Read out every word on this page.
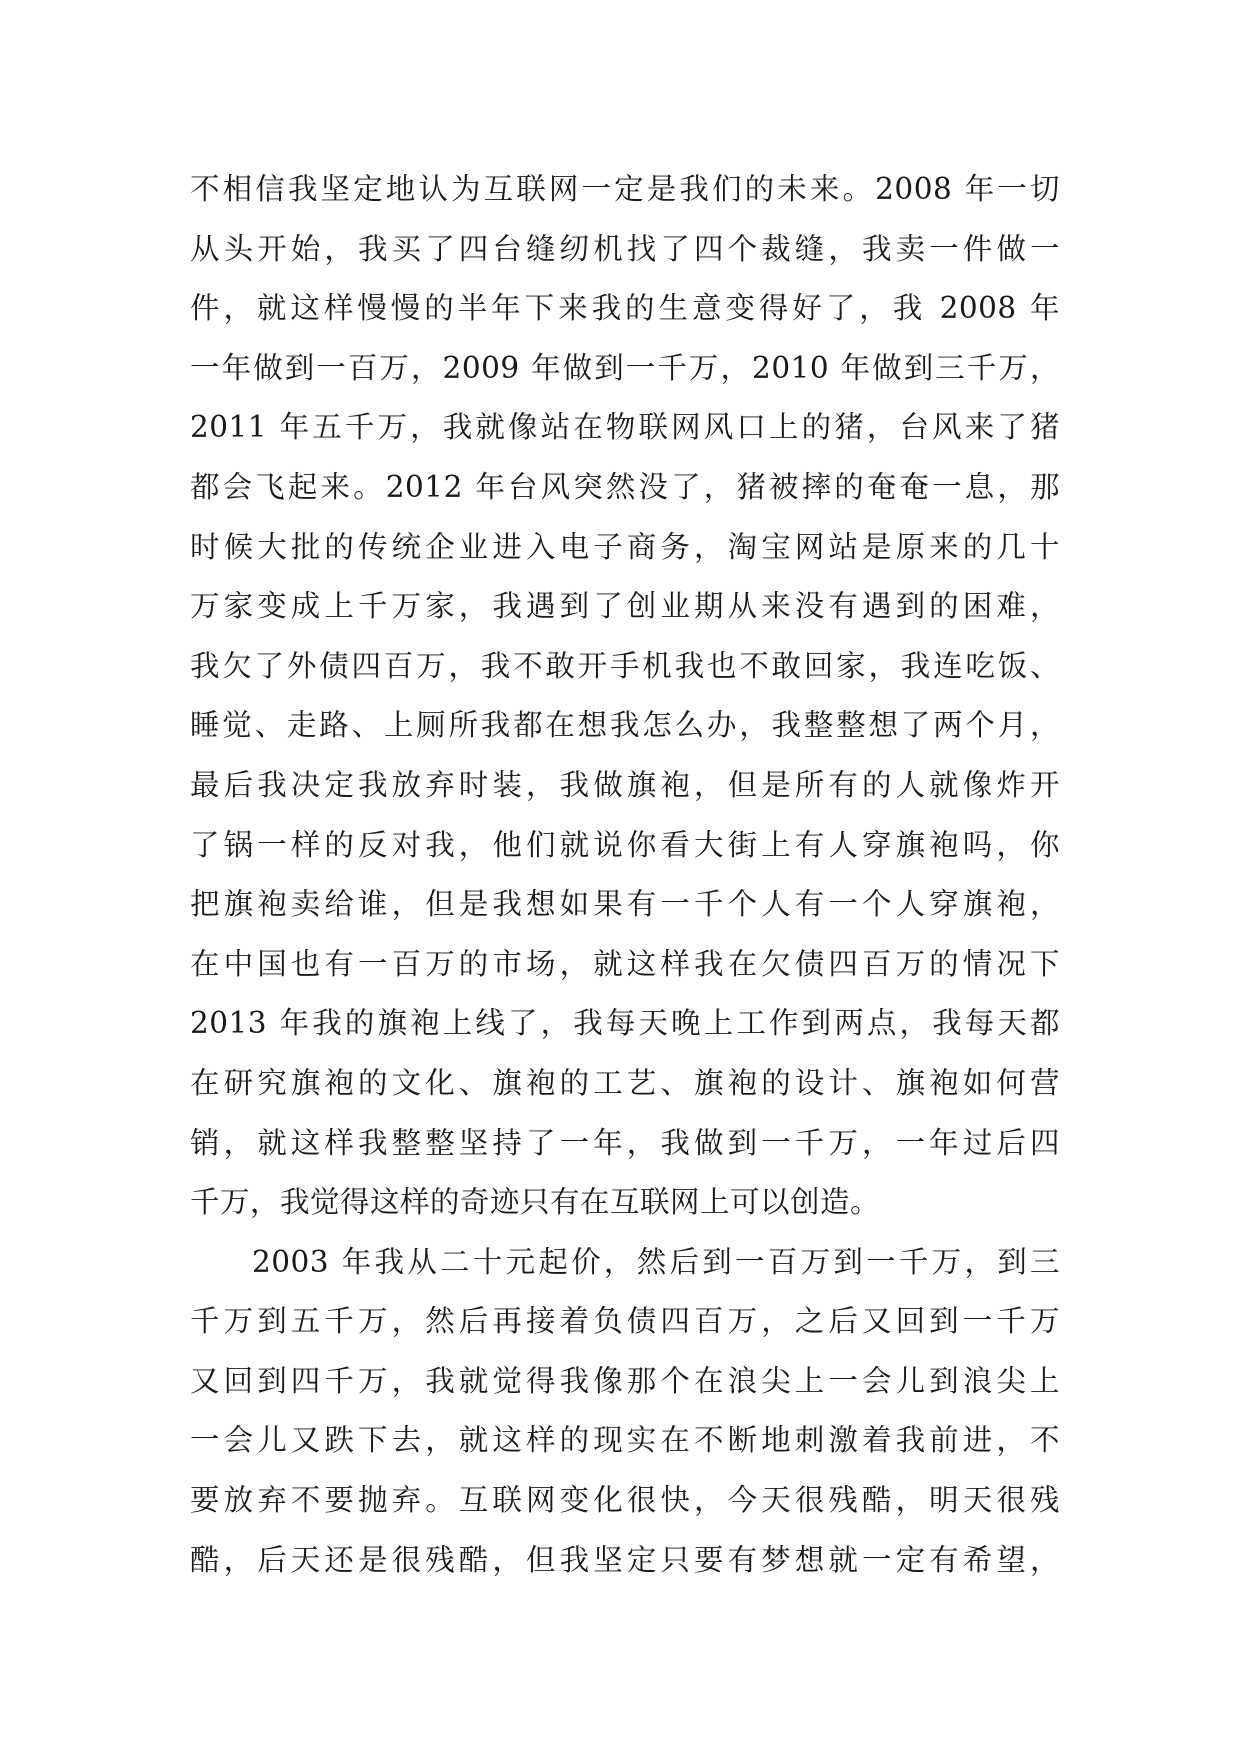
不相信我坚定地认为互联网一定是我们的未来。2008 年一切
从头开始，我买了四台缝纫机找了四个裁缝，我卖一件做一
件，就这样慢慢的半年下来我的生意变得好了，我 2008 年
一年做到一百万，2009 年做到一千万，2010 年做到三千万，
2011 年五千万，我就像站在物联网风口上的猪，台风来了猪
都会飞起来。2012 年台风突然没了，猪被摔的奄奄一息，那
时候大批的传统企业进入电子商务，淘宝网站是原来的几十
万家变成上千万家，我遇到了创业期从来没有遇到的困难，
我欠了外债四百万，我不敢开手机我也不敢回家，我连吃饭、
睡觉、走路、上厕所我都在想我怎么办，我整整想了两个月，
最后我决定我放弃时装，我做旗袍，但是所有的人就像炸开
了锅一样的反对我，他们就说你看大街上有人穿旗袍吗，你
把旗袍卖给谁，但是我想如果有一千个人有一个人穿旗袍，
在中国也有一百万的市场，就这样我在欠债四百万的情况下
2013 年我的旗袍上线了，我每天晚上工作到两点，我每天都
在研究旗袍的文化、旗袍的工艺、旗袍的设计、旗袍如何营
销，就这样我整整坚持了一年，我做到一千万，一年过后四
千万，我觉得这样的奇迹只有在互联网上可以创造。
2003 年我从二十元起价，然后到一百万到一千万，到三
千万到五千万，然后再接着负债四百万，之后又回到一千万
又回到四千万，我就觉得我像那个在浪尖上一会儿到浪尖上
一会儿又跌下去，就这样的现实在不断地刺激着我前进，不
要放弃不要抛弃。互联网变化很快，今天很残酷，明天很残
酷，后天还是很残酷，但我坚定只要有梦想就一定有希望，
